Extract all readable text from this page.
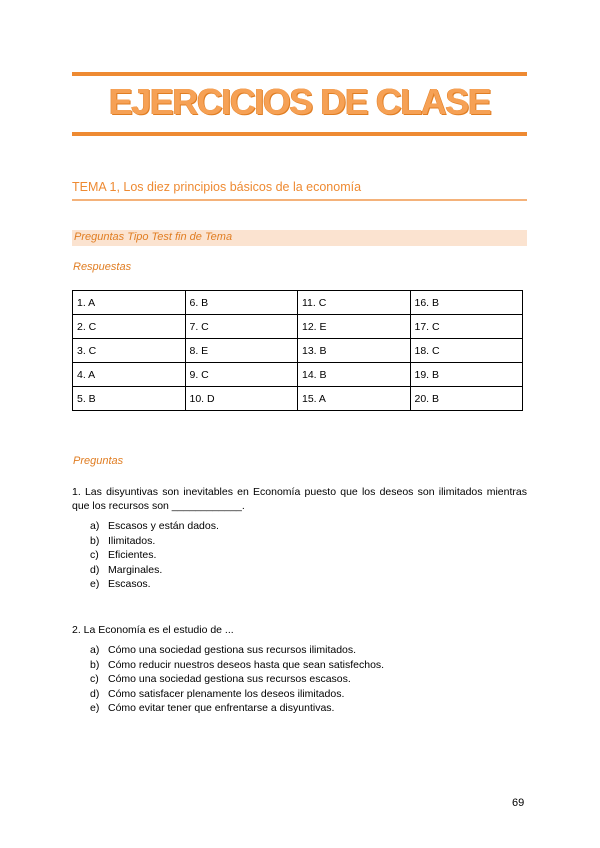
EJERCICIOS DE CLASE
TEMA 1, Los diez principios básicos de la economía
Preguntas Tipo Test fin de Tema
Respuestas
1. A	6. B	11. C	16. B
2. C	7. C	12. E	17. C
3. C	8. E	13. B	18. C
4. A	9. C	14. B	19. B
5. B	10. D	15. A	20. B
Preguntas
1. Las disyuntivas son inevitables en Economía puesto que los deseos son ilimitados mientras que los recursos son ____________.
a) Escasos y están dados.
b) Ilimitados.
c) Eficientes.
d) Marginales.
e) Escasos.
2. La Economía es el estudio de ...
a) Cómo una sociedad gestiona sus recursos ilimitados.
b) Cómo reducir nuestros deseos hasta que sean satisfechos.
c) Cómo una sociedad gestiona sus recursos escasos.
d) Cómo satisfacer plenamente los deseos ilimitados.
e) Cómo evitar tener que enfrentarse a disyuntivas.
69
